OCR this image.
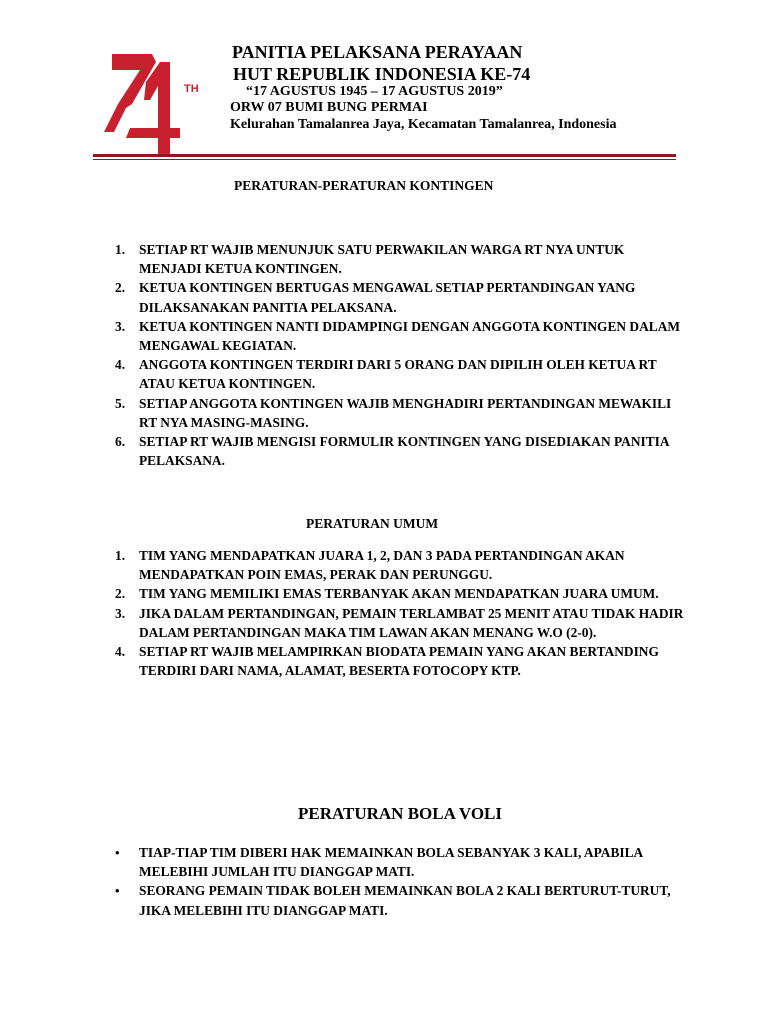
TH
PANITIA PELAKSANA PERAYAAN
HUT REPUBLIK INDONESIA KE-74
“17 AGUSTUS 1945 – 17 AGUSTUS 2019”
ORW 07 BUMI BUNG PERMAI
Kelurahan Tamalanrea Jaya, Kecamatan Tamalanrea, Indonesia
PERATURAN-PERATURAN KONTINGEN
1. SETIAP RT WAJIB MENUNJUK SATU PERWAKILAN WARGA RT NYA UNTUK MENJADI KETUA KONTINGEN.
2. KETUA KONTINGEN BERTUGAS MENGAWAL SETIAP PERTANDINGAN YANG DILAKSANAKAN PANITIA PELAKSANA.
3. KETUA KONTINGEN NANTI DIDAMPINGI DENGAN ANGGOTA KONTINGEN DALAM MENGAWAL KEGIATAN.
4. ANGGOTA KONTINGEN TERDIRI DARI 5 ORANG DAN DIPILIH OLEH KETUA RT ATAU KETUA KONTINGEN.
5. SETIAP ANGGOTA KONTINGEN WAJIB MENGHADIRI PERTANDINGAN MEWAKILI RT NYA MASING-MASING.
6. SETIAP RT WAJIB MENGISI FORMULIR KONTINGEN YANG DISEDIAKAN PANITIA PELAKSANA.
PERATURAN UMUM
1. TIM YANG MENDAPATKAN JUARA 1, 2, DAN 3 PADA PERTANDINGAN AKAN MENDAPATKAN POIN EMAS, PERAK DAN PERUNGGU.
2. TIM YANG MEMILIKI EMAS TERBANYAK AKAN MENDAPATKAN JUARA UMUM.
3. JIKA DALAM PERTANDINGAN, PEMAIN TERLAMBAT 25 MENIT ATAU TIDAK HADIR DALAM PERTANDINGAN MAKA TIM LAWAN AKAN MENANG W.O (2-0).
4. SETIAP RT WAJIB MELAMPIRKAN BIODATA PEMAIN YANG AKAN BERTANDING TERDIRI DARI NAMA, ALAMAT, BESERTA FOTOCOPY KTP.
PERATURAN BOLA VOLI
• TIAP-TIAP TIM DIBERI HAK MEMAINKAN BOLA SEBANYAK 3 KALI, APABILA MELEBIHI JUMLAH ITU DIANGGAP MATI.
• SEORANG PEMAIN TIDAK BOLEH MEMAINKAN BOLA 2 KALI BERTURUT-TURUT, JIKA MELEBIHI ITU DIANGGAP MATI.
